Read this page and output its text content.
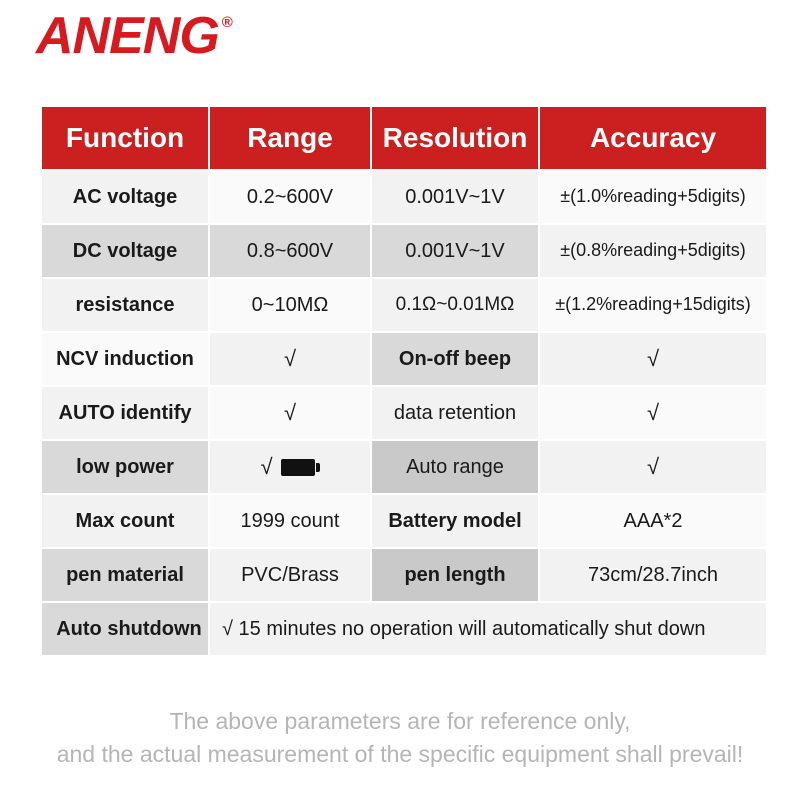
ANENG ®
Function	Range	Resolution	Accuracy

AC voltage	0.2~600V	0.001V~1V	±(1.0%reading+5digits)

DC voltage	0.8~600V	0.001V~1V	±(0.8%reading+5digits)

resistance	0~10MΩ	0.1Ω~0.01MΩ	±(1.2%reading+15digits)

NCV induction	√	On-off beep	√

AUTO identify	√	data retention	√

low power	√	Auto range	√

Max count	1999 count	Battery model	AAA*2

pen material	PVC/Brass	pen length	73cm/28.7inch

Auto shutdown	√ 15 minutes no operation will automatically shut down		
The above parameters are for reference only,
and the actual measurement of the specific equipment shall prevail!
